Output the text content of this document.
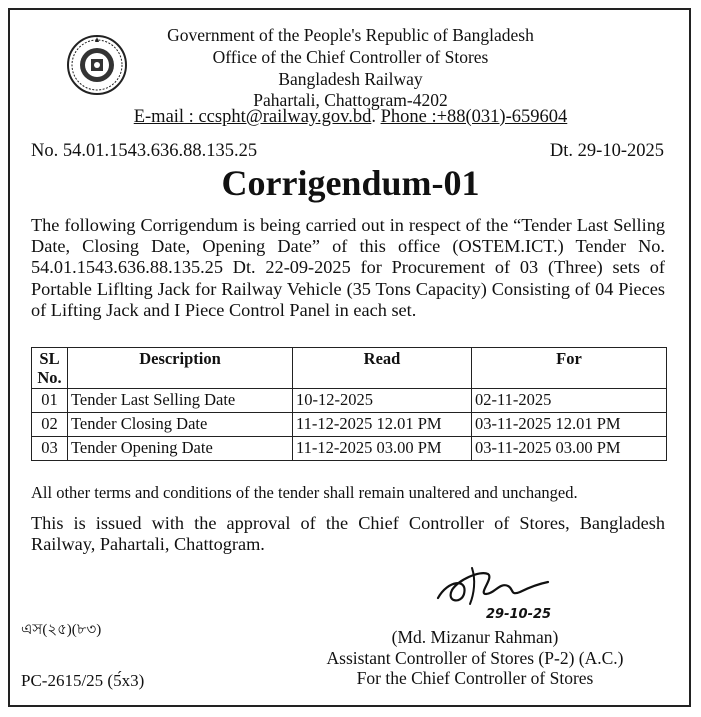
Government of the People's Republic of Bangladesh
Office of the Chief Controller of Stores
Bangladesh Railway
Pahartali, Chattogram-4202
E-mail : ccspht@railway.gov.bd. Phone :+88(031)-659604
No. 54.01.1543.636.88.135.25	Dt. 29-10-2025
Corrigendum-01
The following Corrigendum is being carried out in respect of the “Tender Last Selling Date, Closing Date, Opening Date” of this office (OSTEM.ICT.) Tender No. 54.01.1543.636.88.135.25 Dt. 22-09-2025 for Procurement of 03 (Three) sets of Portable Liflting Jack for Railway Vehicle (35 Tons Capacity) Consisting of 04 Pieces of Lifting Jack and I Piece Control Panel in each set.
SL
No.	Description	Read	For
01	Tender Last Selling Date	10-12-2025	02-11-2025
02	Tender Closing Date	11-12-2025 12.01 PM	03-11-2025 12.01 PM
03	Tender Opening Date	11-12-2025 03.00 PM	03-11-2025 03.00 PM
All other terms and conditions of the tender shall remain unaltered and unchanged.
This is issued with the approval of the Chief Controller of Stores, Bangladesh Railway, Pahartali, Chattogram.
29-10-25
এস(২৫)(৮৩)	(Md. Mizanur Rahman)
Assistant Controller of Stores (P-2) (A.C.)
For the Chief Controller of Stores
PC-2615/25 (5́x3)
